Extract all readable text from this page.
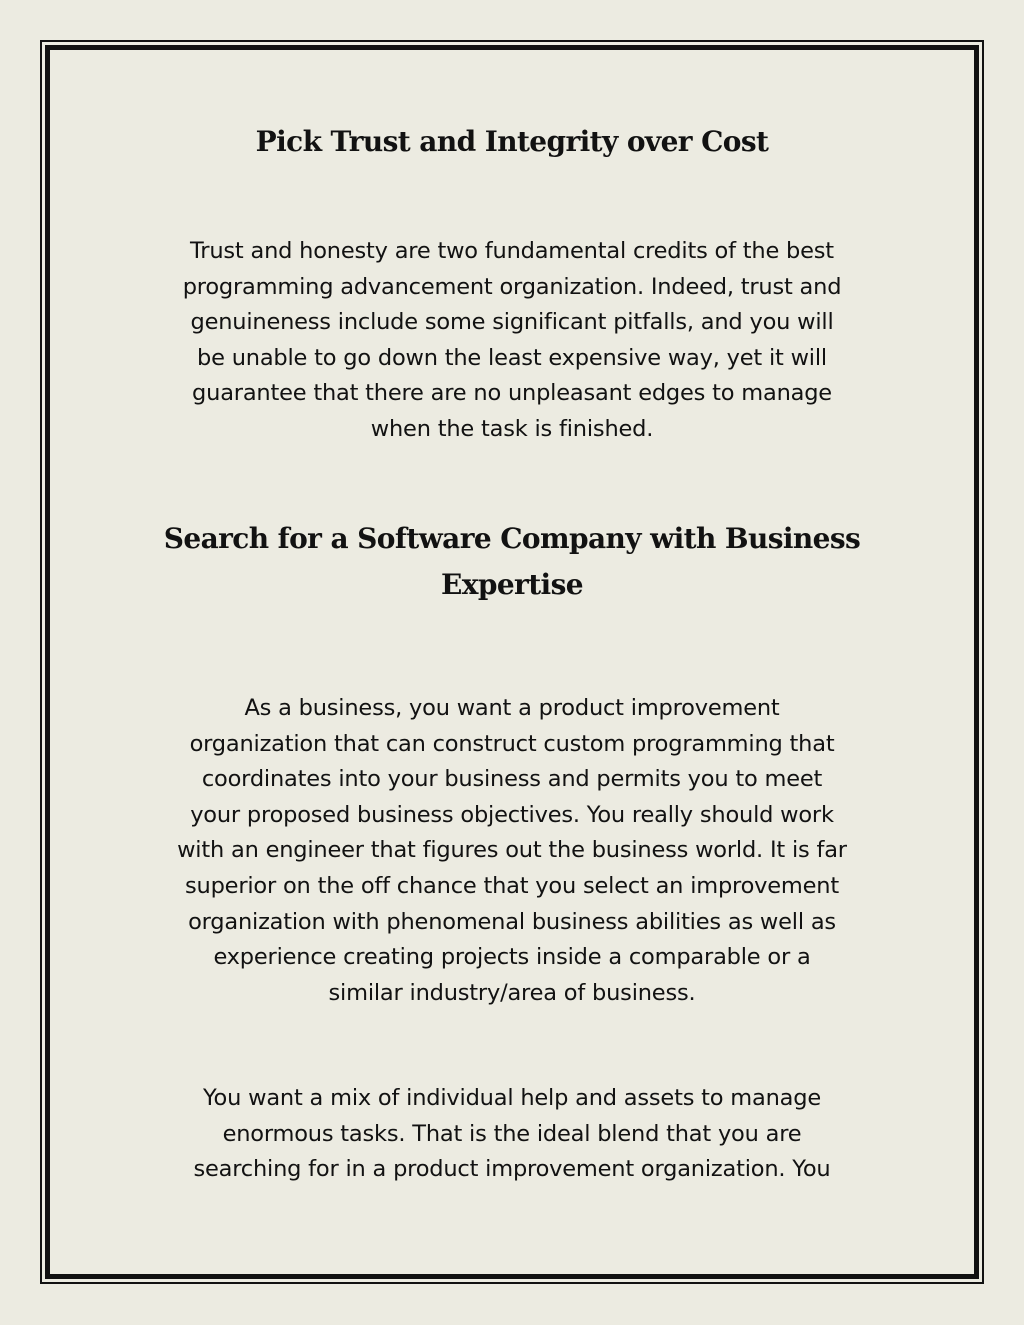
Pick Trust and Integrity over Cost

Trust and honesty are two fundamental credits of the best
programming advancement organization. Indeed, trust and
genuineness include some significant pitfalls, and you will
be unable to go down the least expensive way, yet it will
guarantee that there are no unpleasant edges to manage
when the task is finished.

Search for a Software Company with Business
Expertise

As a business, you want a product improvement
organization that can construct custom programming that
coordinates into your business and permits you to meet
your proposed business objectives. You really should work
with an engineer that figures out the business world. It is far
superior on the off chance that you select an improvement
organization with phenomenal business abilities as well as
experience creating projects inside a comparable or a
similar industry/area of business.

You want a mix of individual help and assets to manage
enormous tasks. That is the ideal blend that you are
searching for in a product improvement organization. You
